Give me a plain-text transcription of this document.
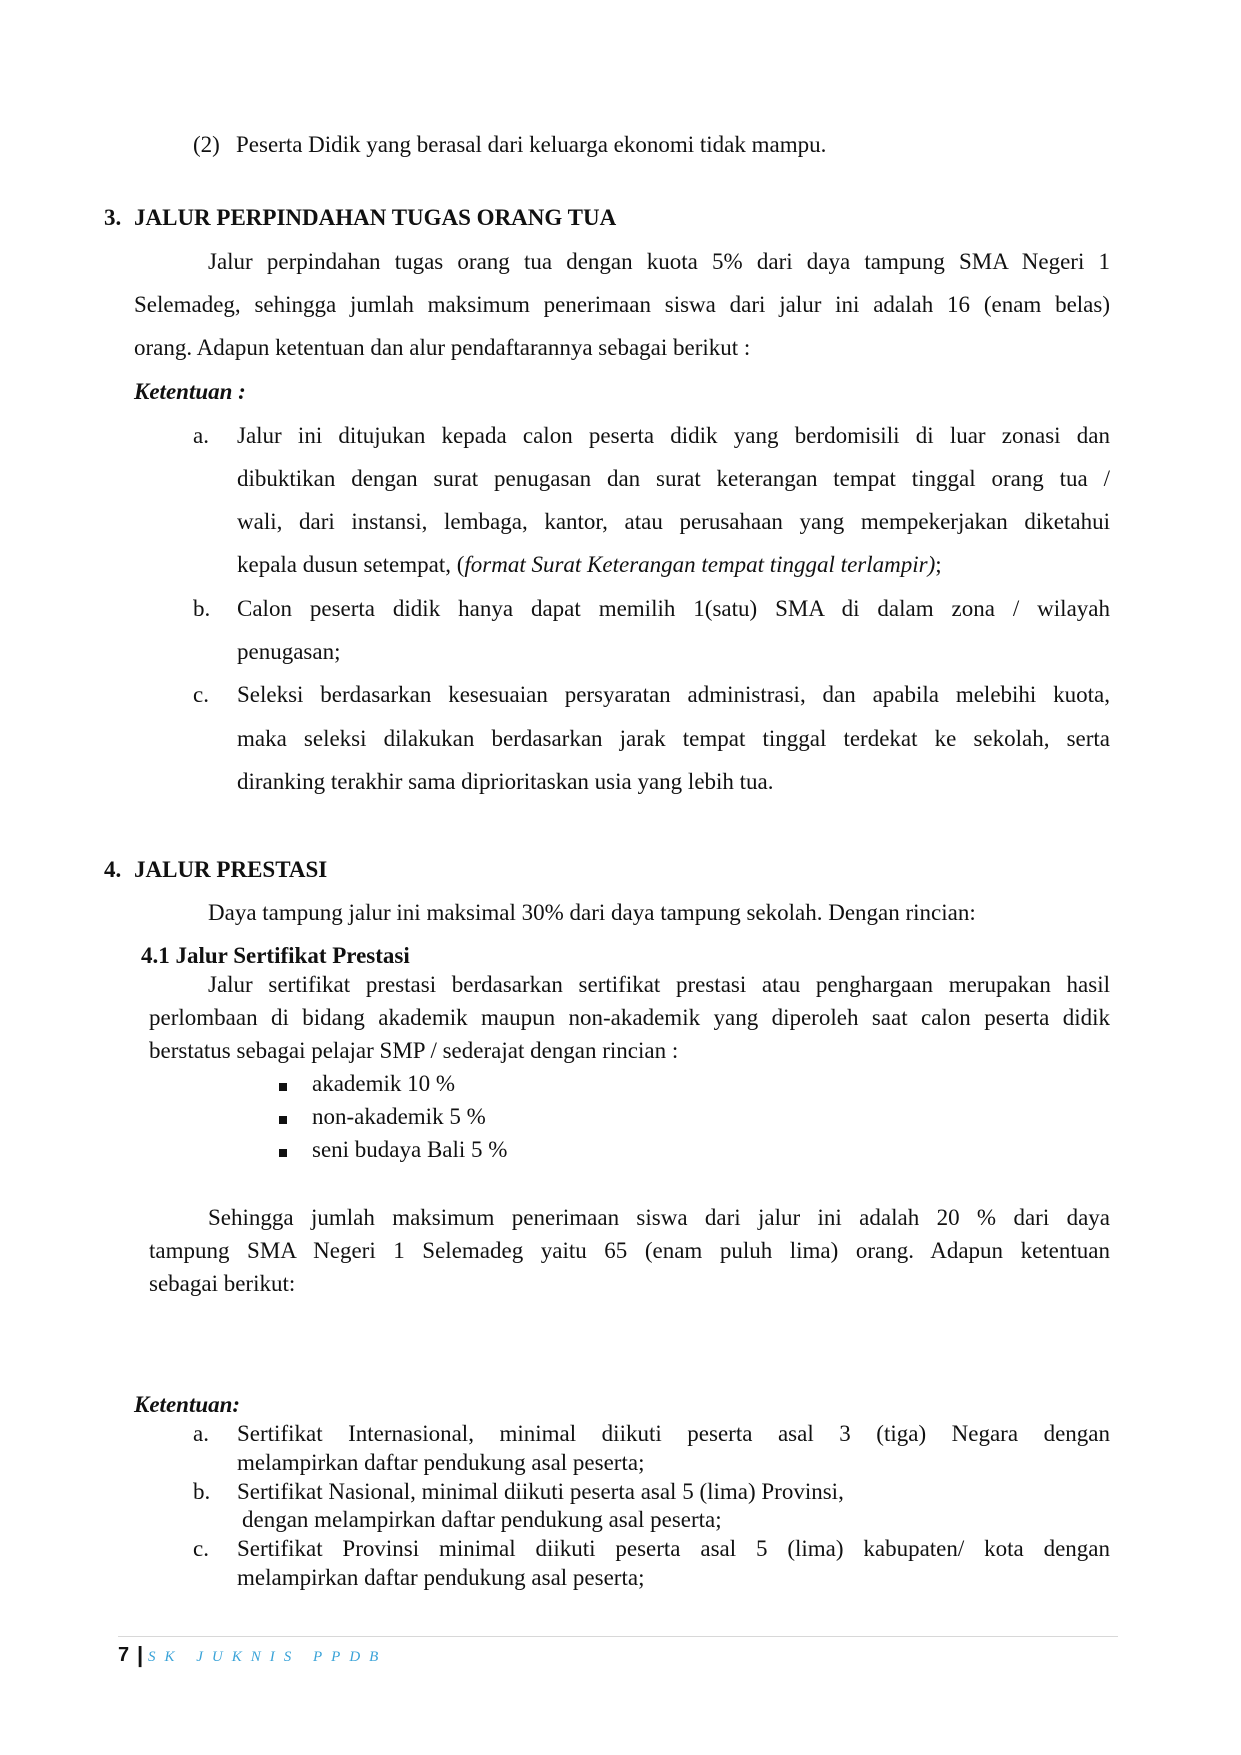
(2) Peserta Didik yang berasal dari keluarga ekonomi tidak mampu.
3. JALUR PERPINDAHAN TUGAS ORANG TUA
Jalur perpindahan tugas orang tua dengan kuota 5% dari daya tampung SMA Negeri 1
Selemadeg, sehingga jumlah maksimum penerimaan siswa dari jalur ini adalah 16 (enam belas)
orang. Adapun ketentuan dan alur pendaftarannya sebagai berikut :
Ketentuan :
a. Jalur ini ditujukan kepada calon peserta didik yang berdomisili di luar zonasi dan
dibuktikan dengan surat penugasan dan surat keterangan tempat tinggal orang tua /
wali, dari instansi, lembaga, kantor, atau perusahaan yang mempekerjakan diketahui
kepala dusun setempat, (format Surat Keterangan tempat tinggal terlampir);
b. Calon peserta didik hanya dapat memilih 1(satu) SMA di dalam zona / wilayah
penugasan;
c. Seleksi berdasarkan kesesuaian persyaratan administrasi, dan apabila melebihi kuota,
maka seleksi dilakukan berdasarkan jarak tempat tinggal terdekat ke sekolah, serta
diranking terakhir sama diprioritaskan usia yang lebih tua.
4. JALUR PRESTASI
Daya tampung jalur ini maksimal 30% dari daya tampung sekolah. Dengan rincian:
4.1 Jalur Sertifikat Prestasi
Jalur sertifikat prestasi berdasarkan sertifikat prestasi atau penghargaan merupakan hasil
perlombaan di bidang akademik maupun non-akademik yang diperoleh saat calon peserta didik
berstatus sebagai pelajar SMP / sederajat dengan rincian :
akademik 10 %
non-akademik 5 %
seni budaya Bali 5 %
Sehingga jumlah maksimum penerimaan siswa dari jalur ini adalah 20 % dari daya
tampung SMA Negeri 1 Selemadeg yaitu 65 (enam puluh lima) orang. Adapun ketentuan
sebagai berikut:
Ketentuan:
a. Sertifikat Internasional, minimal diikuti peserta asal 3 (tiga) Negara dengan
melampirkan daftar pendukung asal peserta;
b. Sertifikat Nasional, minimal diikuti peserta asal 5 (lima) Provinsi,
dengan melampirkan daftar pendukung asal peserta;
c. Sertifikat Provinsi minimal diikuti peserta asal 5 (lima) kabupaten/ kota dengan
melampirkan daftar pendukung asal peserta;
7 | SK JUKNIS PPDB
